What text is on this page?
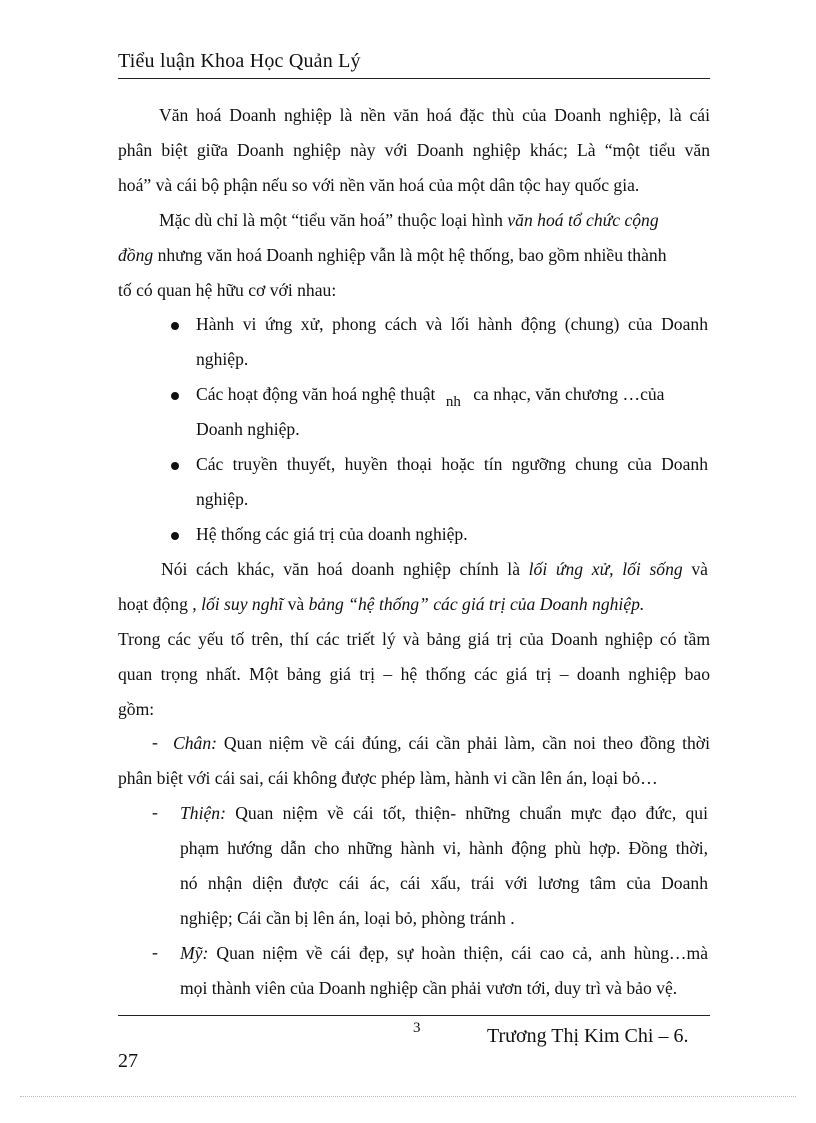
Tiểu luận Khoa Học Quản Lý
Văn hoá Doanh nghiệp là nền văn hoá đặc thù của Doanh nghiệp, là cái
phân biệt giữa Doanh nghiệp này với Doanh nghiệp khác; Là “một tiểu văn
hoá” và cái bộ phận nếu so với nền văn hoá của một dân tộc hay quốc gia.
Mặc dù chỉ là một “tiểu văn hoá” thuộc loại hình văn hoá tổ chức cộng
đồng nhưng văn hoá Doanh nghiệp vẫn là một hệ thống, bao gồm nhiều thành
tố có quan hệ hữu cơ với nhau:
Hành vi ứng xử, phong cách và lối hành động (chung) của Doanh
nghiệp.
Các hoạt động văn hoá nghệ thuật nh ca nhạc, văn chương …của
Doanh nghiệp.
Các truyền thuyết, huyền thoại hoặc tín ngưỡng chung của Doanh
nghiệp.
Hệ thống các giá trị của doanh nghiệp.
Nói cách khác, văn hoá doanh nghiệp chính là lối ứng xử, lối sống và
hoạt động , lối suy nghĩ và bảng “hệ thống” các giá trị của Doanh nghiệp.
Trong các yếu tố trên, thí các triết lý và bảng giá trị của Doanh nghiệp có tầm
quan trọng nhất. Một bảng giá trị – hệ thống các giá trị – doanh nghiệp bao
gồm:
- Chân: Quan niệm về cái đúng, cái cần phải làm, cần noi theo đồng thời
phân biệt với cái sai, cái không được phép làm, hành vi cần lên án, loại bỏ…
- Thiện: Quan niệm về cái tốt, thiện- những chuẩn mực đạo đức, qui
phạm hướng dẫn cho những hành vi, hành động phù hợp. Đồng thời,
nó nhận diện được cái ác, cái xấu, trái với lương tâm của Doanh
nghiệp; Cái cần bị lên án, loại bỏ, phòng tránh .
- Mỹ: Quan niệm về cái đẹp, sự hoàn thiện, cái cao cả, anh hùng…mà
mọi thành viên của Doanh nghiệp cần phải vươn tới, duy trì và bảo vệ.
3	Trương Thị Kim Chi – 6.
27
